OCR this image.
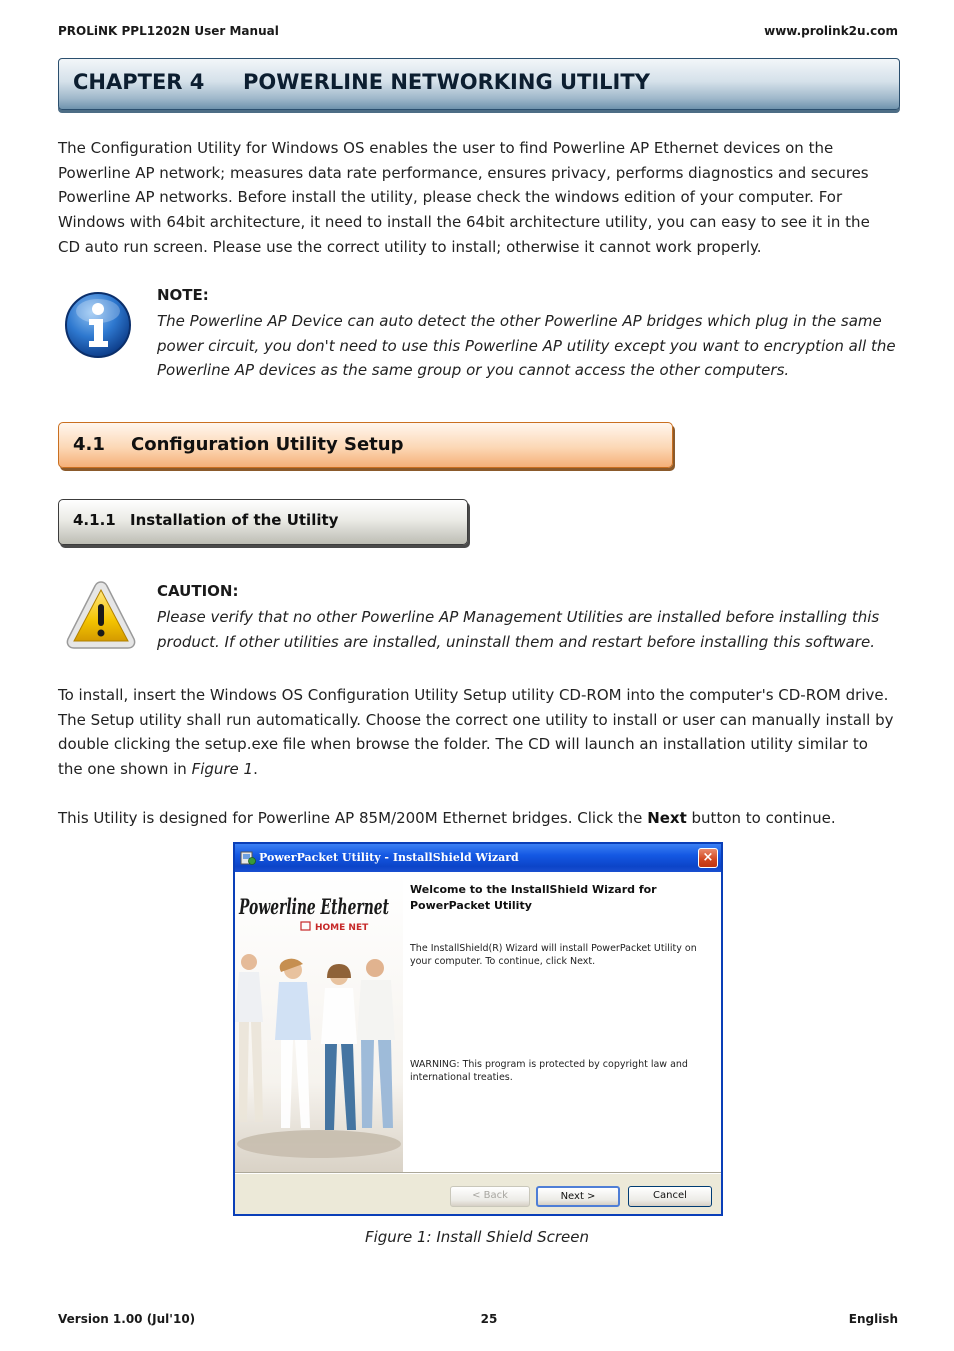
PROLiNK PPL1202N User Manual	www.prolink2u.com
CHAPTER 4 POWERLINE NETWORKING UTILITY

The Configuration Utility for Windows OS enables the user to find Powerline AP Ethernet devices on the Powerline AP network; measures data rate performance, ensures privacy, performs diagnostics and secures Powerline AP networks. Before install the utility, please check the windows edition of your computer. For Windows with 64bit architecture, it need to install the 64bit architecture utility, you can easy to see it in the CD auto run screen. Please use the correct utility to install; otherwise it cannot work properly.

NOTE:
The Powerline AP Device can auto detect the other Powerline AP bridges which plug in the same power circuit, you don't need to use this Powerline AP utility except you want to encryption all the Powerline AP devices as the same group or you cannot access the other computers.
4.1 Configuration Utility Setup
4.1.1 Installation of the Utility
CAUTION:
Please verify that no other Powerline AP Management Utilities are installed before installing this product. If other utilities are installed, uninstall them and restart before installing this software.

To install, insert the Windows OS Configuration Utility Setup utility CD-ROM into the computer's CD-ROM drive. The Setup utility shall run automatically. Choose the correct one utility to install or user can manually install by double clicking the setup.exe file when browse the folder. The CD will launch an installation utility similar to the one shown in Figure 1.

This Utility is designed for Powerline AP 85M/200M Ethernet bridges. Click the Next button to continue.

PowerPacket Utility - InstallShield Wizard	×
Powerline Ethernet
HOME NET
Welcome to the InstallShield Wizard for PowerPacket Utility
The InstallShield(R) Wizard will install PowerPacket Utility on your computer. To continue, click Next.
WARNING: This program is protected by copyright law and international treaties.
< Back	Next >	Cancel
Figure 1: Install Shield Screen
Version 1.00 (Jul'10)	25	English
